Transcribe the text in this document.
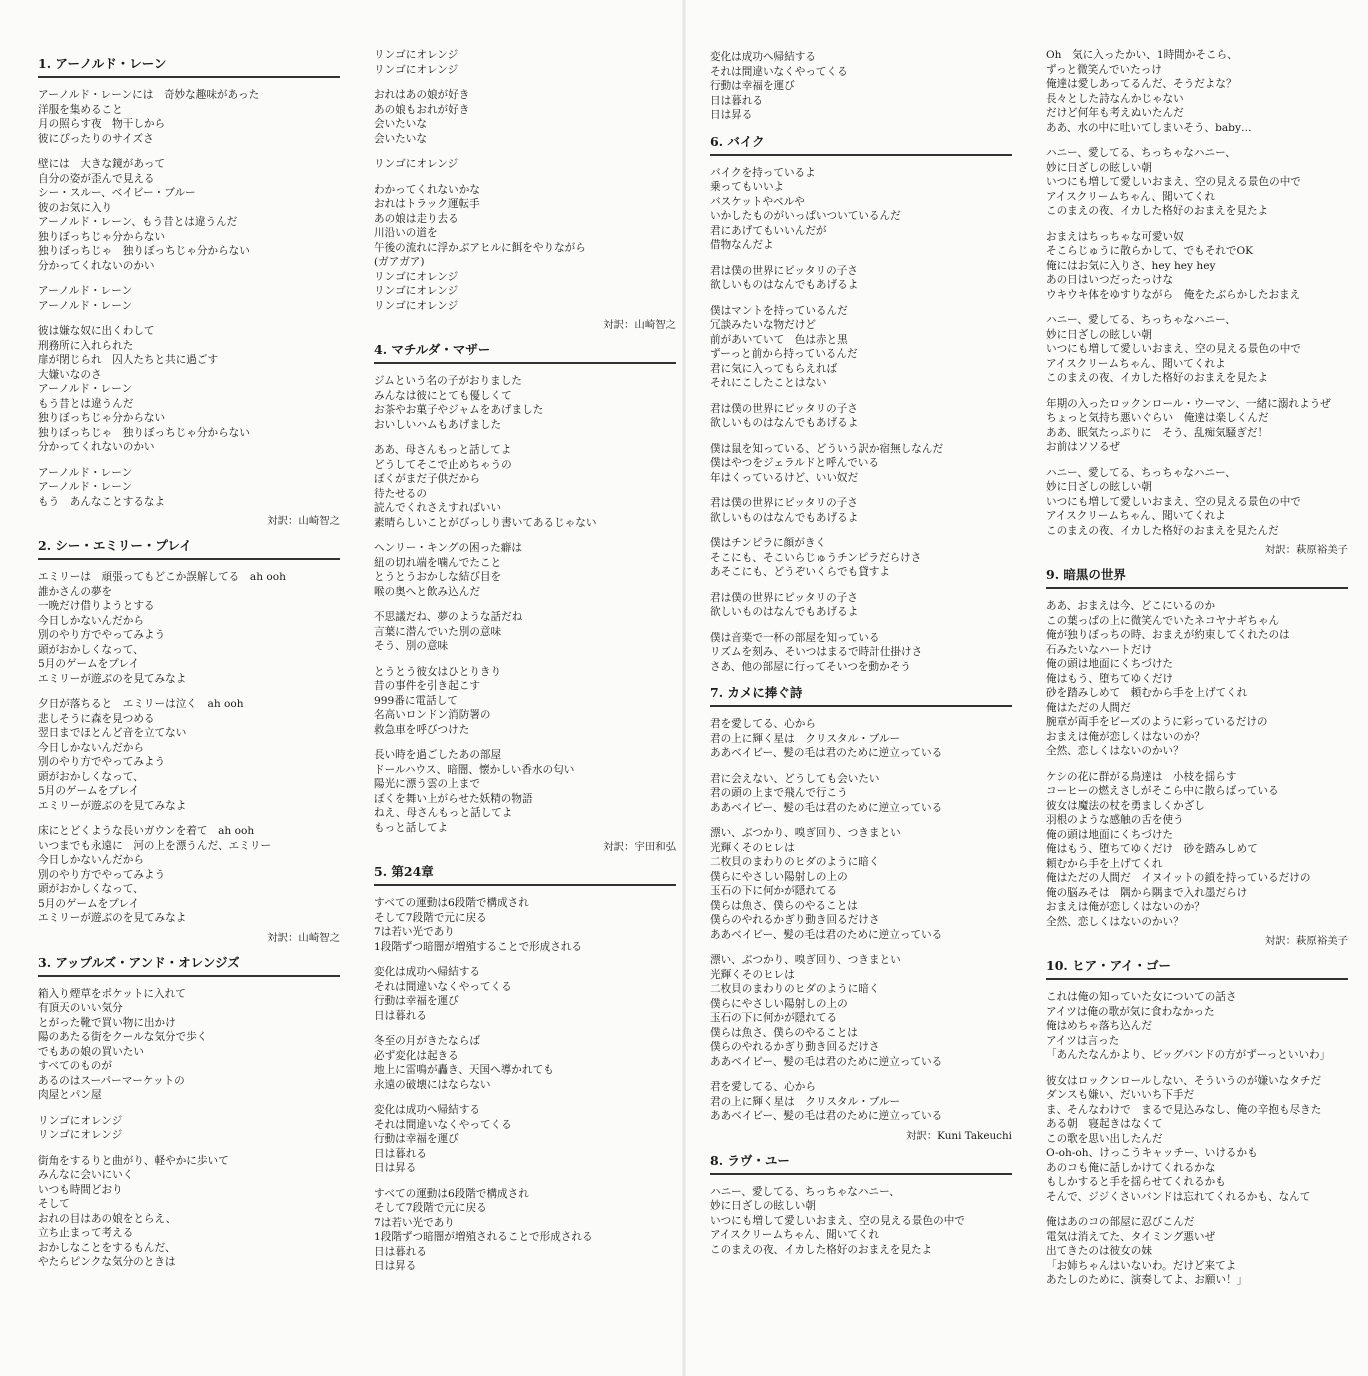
1. アーノルド・レーン
アーノルド・レーンには　奇妙な趣味があった
洋服を集めること
月の照らす夜　物干しから
彼にぴったりのサイズさ
壁には　大きな鏡があって
自分の姿が歪んで見える
シー・スルー、ベイビー・ブルー
彼のお気に入り
アーノルド・レーン、もう昔とは違うんだ
独りぼっちじゃ分からない
独りぼっちじゃ　独りぼっちじゃ分からない
分かってくれないのかい
アーノルド・レーン
アーノルド・レーン
彼は嫌な奴に出くわして
刑務所に入れられた
扉が閉じられ　囚人たちと共に過ごす
大嫌いなのさ
アーノルド・レーン
もう昔とは違うんだ
独りぼっちじゃ分からない
独りぼっちじゃ　独りぼっちじゃ分からない
分かってくれないのかい
アーノルド・レーン
アーノルド・レーン
もう　あんなことするなよ
対訳：山崎智之
2. シー・エミリー・プレイ
エミリーは　頑張ってもどこか誤解してる　ah ooh
誰かさんの夢を
一晩だけ借りようとする
今日しかないんだから
別のやり方でやってみよう
頭がおかしくなって、
5月のゲームをプレイ
エミリーが遊ぶのを見てみなよ
夕日が落ちると　エミリーは泣く　ah ooh
悲しそうに森を見つめる
翌日までほとんど音を立てない
今日しかないんだから
別のやり方でやってみよう
頭がおかしくなって、
5月のゲームをプレイ
エミリーが遊ぶのを見てみなよ
床にとどくような長いガウンを着て　ah ooh
いつまでも永遠に　河の上を漂うんだ、エミリー
今日しかないんだから
別のやり方でやってみよう
頭がおかしくなって、
5月のゲームをプレイ
エミリーが遊ぶのを見てみなよ
対訳：山崎智之
3. アップルズ・アンド・オレンジズ
箱入り煙草をポケットに入れて
有頂天のいい気分
とがった靴で買い物に出かけ
陽のあたる街をクールな気分で歩く
でもあの娘の買いたい
すべてのものが
あるのはスーパーマーケットの
肉屋とパン屋
リンゴにオレンジ
リンゴにオレンジ
街角をするりと曲がり、軽やかに歩いて
みんなに会いにいく
いつも時間どおり
そして
おれの目はあの娘をとらえ、
立ち止まって考える
おかしなことをするもんだ、
やたらピンクな気分のときは
リンゴにオレンジ
リンゴにオレンジ
おれはあの娘が好き
あの娘もおれが好き
会いたいな
会いたいな
リンゴにオレンジ
わかってくれないかな
おれはトラック運転手
あの娘は走り去る
川沿いの道を
午後の流れに浮かぶアヒルに餌をやりながら
(ガアガア)
リンゴにオレンジ
リンゴにオレンジ
リンゴにオレンジ
対訳：山崎智之
4. マチルダ・マザー
ジムという名の子がおりました
みんなは彼にとても優しくて
お茶やお菓子やジャムをあげました
おいしいハムもあげました
ああ、母さんもっと話してよ
どうしてそこで止めちゃうの
ぼくがまだ子供だから
待たせるの
読んでくれさえすればいい
素晴らしいことがびっしり書いてあるじゃない
ヘンリー・キングの困った癖は
紐の切れ端を噛んでたこと
とうとうおかしな結び目を
喉の奥へと飲み込んだ
不思議だね、夢のような話だね
言葉に潜んでいた別の意味
そう、別の意味
とうとう彼女はひとりきり
昔の事件を引き起こす
999番に電話して
名高いロンドン消防署の
救急車を呼びつけた
長い時を過ごしたあの部屋
ドールハウス、暗闇、懐かしい香水の匂い
陽光に漂う雲の上まで
ぼくを舞い上がらせた妖精の物語
ねえ、母さんもっと話してよ
もっと話してよ
対訳：宇田和弘
5. 第24章
すべての運動は6段階で構成され
そして7段階で元に戻る
7は若い光であり
1段階ずつ暗闇が増殖することで形成される
変化は成功へ帰結する
それは間違いなくやってくる
行動は幸福を運び
日は暮れる
冬至の月がきたならば
必ず変化は起きる
地上に雷鳴が轟き、天国へ導かれても
永遠の破壊にはならない
変化は成功へ帰結する
それは間違いなくやってくる
行動は幸福を運び
日は暮れる
日は昇る
すべての運動は6段階で構成され
そして7段階で元に戻る
7は若い光であり
1段階ずつ暗闇が増殖されることで形成される
日は暮れる
日は昇る
変化は成功へ帰結する
それは間違いなくやってくる
行動は幸福を運び
日は暮れる
日は昇る
6. バイク
バイクを持っているよ
乗ってもいいよ
バスケットやベルや
いかしたものがいっぱいついているんだ
君にあげてもいいんだが
借物なんだよ
君は僕の世界にピッタリの子さ
欲しいものはなんでもあげるよ
僕はマントを持っているんだ
冗談みたいな物だけど
前があいていて　色は赤と黒
ずーっと前から持っているんだ
君に気に入ってもらえれば
それにこしたことはない
君は僕の世界にピッタリの子さ
欲しいものはなんでもあげるよ
僕は鼠を知っている、どういう訳か宿無しなんだ
僕はやつをジェラルドと呼んでいる
年はくっているけど、いい奴だ
君は僕の世界にピッタリの子さ
欲しいものはなんでもあげるよ
僕はチンピラに顔がきく
そこにも、そこいらじゅうチンピラだらけさ
あそこにも、どうぞいくらでも貸すよ
君は僕の世界にピッタリの子さ
欲しいものはなんでもあげるよ
僕は音楽で一杯の部屋を知っている
リズムを刻み、そいつはまるで時計仕掛けさ
さあ、他の部屋に行ってそいつを動かそう
7. カメに捧ぐ詩
君を愛してる、心から
君の上に輝く星は　クリスタル・ブルー
ああベイビー、髪の毛は君のために逆立っている
君に会えない、どうしても会いたい
君の頭の上まで飛んで行こう
ああベイビー、髪の毛は君のために逆立っている
漂い、ぶつかり、嗅ぎ回り、つきまとい
光輝くそのヒレは
二枚貝のまわりのヒダのように暗く
僕らにやさしい陽射しの上の
玉石の下に何かが隠れてる
僕らは魚さ、僕らのやることは
僕らのやれるかぎり動き回るだけさ
ああベイビー、髪の毛は君のために逆立っている
漂い、ぶつかり、嗅ぎ回り、つきまとい
光輝くそのヒレは
二枚貝のまわりのヒダのように暗く
僕らにやさしい陽射しの上の
玉石の下に何かが隠れてる
僕らは魚さ、僕らのやることは
僕らのやれるかぎり動き回るだけさ
ああベイビー、髪の毛は君のために逆立っている
君を愛してる、心から
君の上に輝く星は　クリスタル・ブルー
ああベイビー、髪の毛は君のために逆立っている
対訳：Kuni Takeuchi
8. ラヴ・ユー
ハニー、愛してる、ちっちゃなハニー、
妙に日ざしの眩しい朝
いつにも増して愛しいおまえ、空の見える景色の中で
アイスクリームちゃん、聞いてくれ
このまえの夜、イカした格好のおまえを見たよ
Oh　気に入ったかい、1時間かそこら、
ずっと微笑んでいたっけ
俺達は愛しあってるんだ、そうだよな？
長々とした詩なんかじゃない
だけど何年も考えぬいたんだ
ああ、水の中に吐いてしまいそう、baby…
ハニー、愛してる、ちっちゃなハニー、
妙に日ざしの眩しい朝
いつにも増して愛しいおまえ、空の見える景色の中で
アイスクリームちゃん、聞いてくれ
このまえの夜、イカした格好のおまえを見たよ
おまえはちっちゃな可愛い奴
そこらじゅうに散らかして、でもそれでOK
俺にはお気に入りさ、hey hey hey
あの日はいつだったっけな
ウキウキ体をゆすりながら　俺をたぶらかしたおまえ
ハニー、愛してる、ちっちゃなハニー、
妙に日ざしの眩しい朝
いつにも増して愛しいおまえ、空の見える景色の中で
アイスクリームちゃん、聞いてくれよ
このまえの夜、イカした格好のおまえを見たよ
年期の入ったロックンロール・ウーマン、一緒に溺れようぜ
ちょっと気持ち悪いぐらい　俺達は楽しくんだ
ああ、眠気たっぷりに　そう、乱痴気騒ぎだ！
お前はソソるぜ
ハニー、愛してる、ちっちゃなハニー、
妙に日ざしの眩しい朝
いつにも増して愛しいおまえ、空の見える景色の中で
アイスクリームちゃん、聞いてくれよ
このまえの夜、イカした格好のおまえを見たんだ
対訳：萩原裕美子
9. 暗黒の世界
ああ、おまえは今、どこにいるのか
この葉っぱの上に微笑んでいたネコヤナギちゃん
俺が独りぼっちの時、おまえが約束してくれたのは
石みたいなハートだけ
俺の頭は地面にくちづけた
俺はもう、堕ちてゆくだけ
砂を踏みしめて　頼むから手を上げてくれ
俺はただの人間だ
腕章が両手をビーズのように彩っているだけの
おまえは俺が恋しくはないのか？
全然、恋しくはないのかい？
ケシの花に群がる鳥達は　小枝を揺らす
コーヒーの燃えさしがそこら中に散らばっている
彼女は魔法の杖を勇ましくかざし
羽根のような感触の舌を使う
俺の頭は地面にくちづけた
俺はもう、堕ちてゆくだけ　砂を踏みしめて
頼むから手を上げてくれ
俺はただの人間だ　イヌイットの鎖を持っているだけの
俺の脳みそは　隅から隅まで入れ墨だらけ
おまえは俺が恋しくはないのか？
全然、恋しくはないのかい？
対訳：萩原裕美子
10. ヒア・アイ・ゴー
これは俺の知っていた女についての話さ
アイツは俺の歌が気に食わなかった
俺はめちゃ落ち込んだ
アイツは言った
「あんたなんかより、ビッグバンドの方がずーっといいわ」
彼女はロックンロールしない、そういうのが嫌いなタチだ
ダンスも嫌い、だいいち下手だ
ま、そんなわけで　まるで見込みなし、俺の辛抱も尽きた
ある朝　寝起きはなくて
この歌を思い出したんだ
O-oh-oh、けっこうキャッチー、いけるかも
あのコも俺に話しかけてくれるかな
もしかすると手を揺らせてくれるかも
そんで、ジジくさいバンドは忘れてくれるかも、なんて
俺はあのコの部屋に忍びこんだ
電気は消えてた、タイミング悪いぜ
出てきたのは彼女の妹
「お姉ちゃんはいないわ。だけど来てよ
あたしのために、演奏してよ、お願い！」
